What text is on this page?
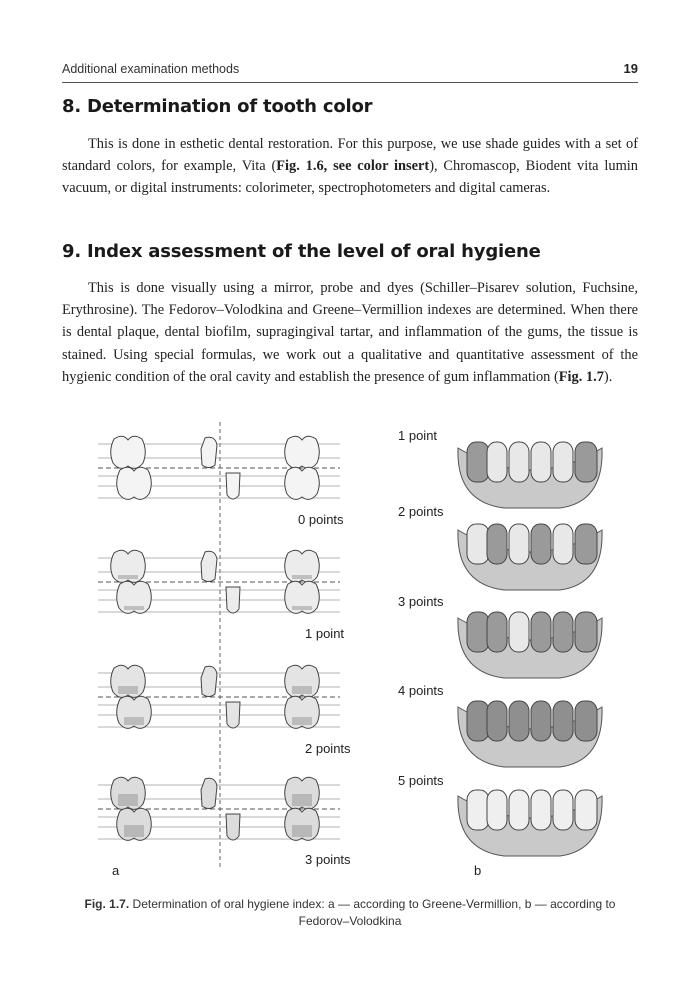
Additional examination methods	19
8. Determination of tooth color

This is done in esthetic dental restoration. For this purpose, we use shade guides with a set of standard colors, for example, Vita (Fig. 1.6, see color insert), Chromascop, Biodent vita lumin vacuum, or digital instruments: colorimeter, spectrophotometers and digital cameras.

9. Index assessment of the level of oral hygiene

This is done visually using a mirror, probe and dyes (Schiller–Pisarev solution, Fuchsine, Erythrosine). The Fedorov–Volodkina and Greene–Vermillion indexes are determined. When there is dental plaque, dental biofilm, supragingival tartar, and inflammation of the gums, the tissue is stained. Using special formulas, we work out a qualitative and quantitative assessment of the hygienic condition of the oral cavity and establish the presence of gum inflammation (Fig. 1.7).

0 points
1 point
2 points
3 points
a
1 point
2 points
3 points
4 points
5 points
b
Fig. 1.7. Determination of oral hygiene index: a — according to Greene-Vermillion, b — according to Fedorov–Volodkina
